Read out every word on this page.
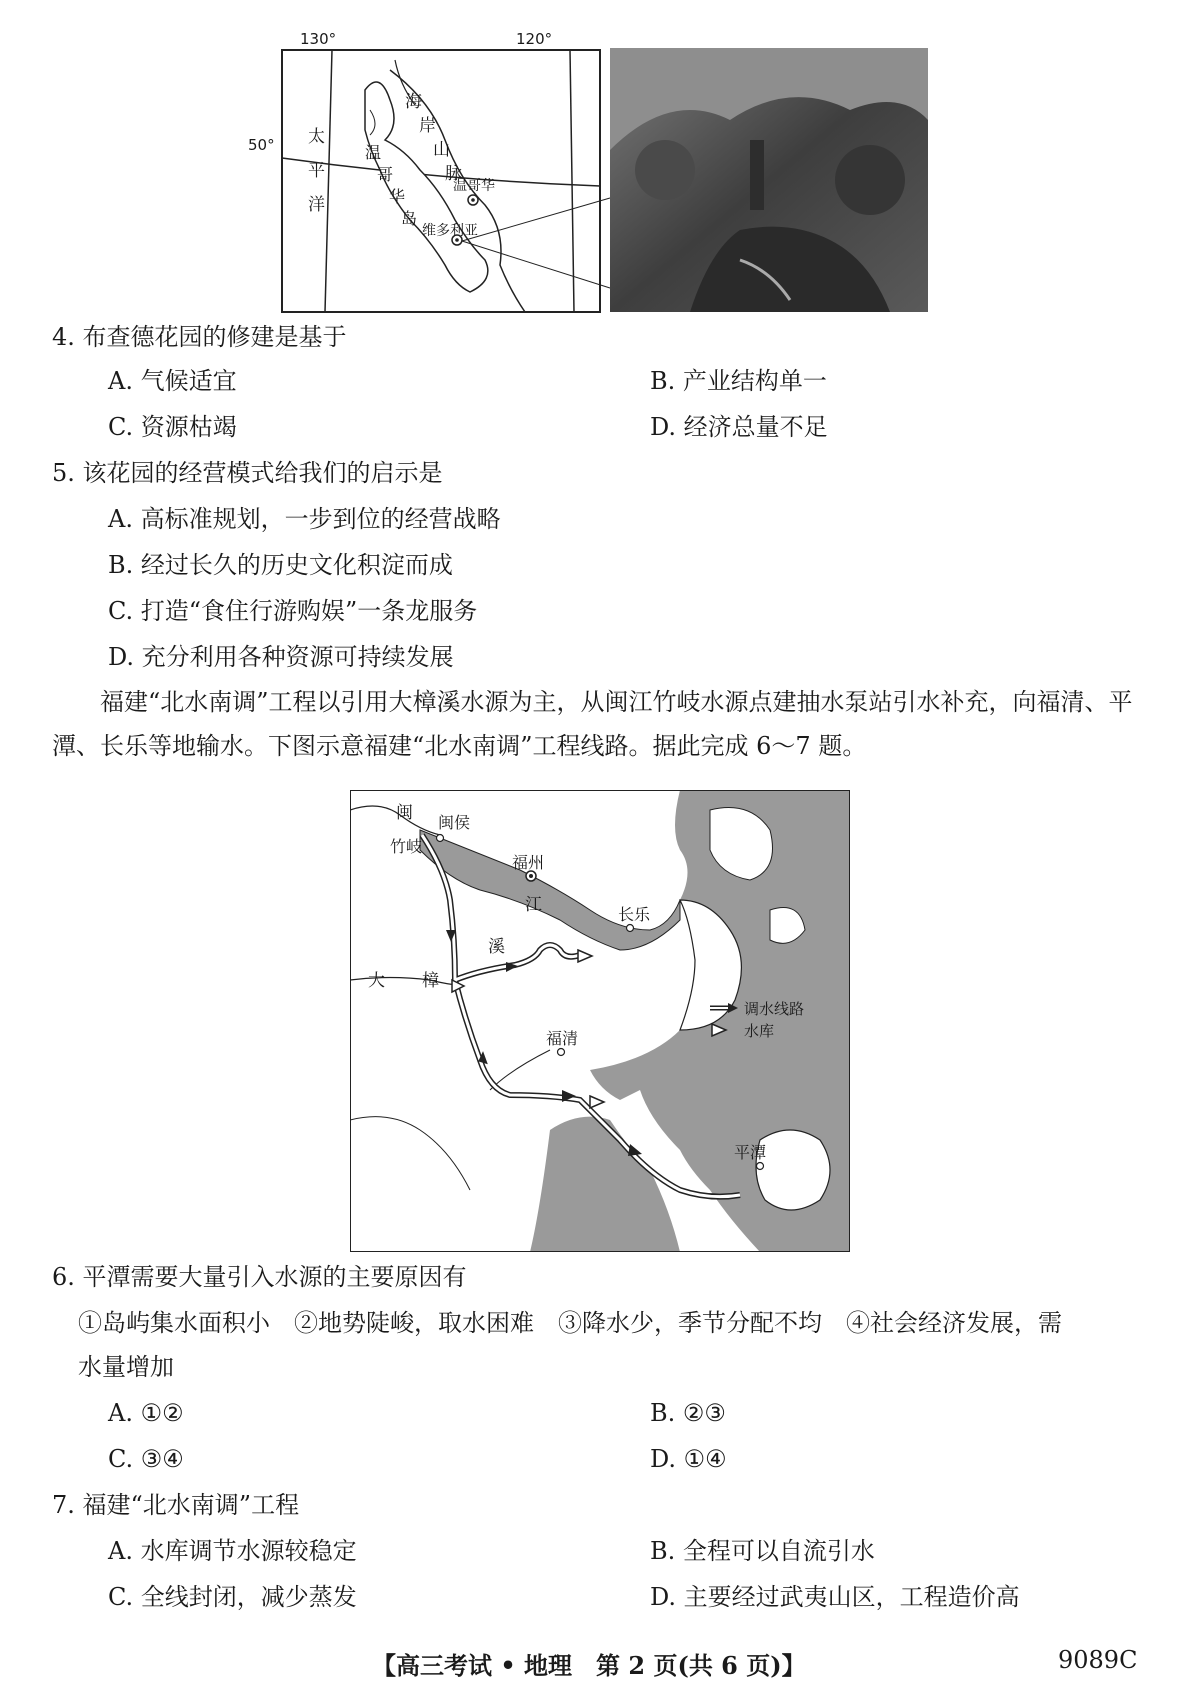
130°	120°
50° 太
平
洋
海
岸
山
脉
温
哥
华
岛
温哥华
维多利亚
4. 布查德花园的修建是基于
A. 气候适宜	B. 产业结构单一
C. 资源枯竭	D. 经济总量不足
5. 该花园的经营模式给我们的启示是
A. 高标准规划，一步到位的经营战略
B. 经过长久的历史文化积淀而成
C. 打造“食住行游购娱”一条龙服务
D. 充分利用各种资源可持续发展

福建“北水南调”工程以引用大樟溪水源为主，从闽江竹岐水源点建抽水泵站引水补充，向福清、平潭、长乐等地输水。下图示意福建“北水南调”工程线路。据此完成 6～7 题。

闽 闽侯
竹岐
福州
江	长乐
溪
大 樟
福清
平潭
调水线路
水库
6. 平潭需要大量引入水源的主要原因有
①岛屿集水面积小　②地势陡峻，取水困难　③降水少，季节分配不均　④社会经济发展，需
水量增加
A. ①②	B. ②③
C. ③④	D. ①④
7. 福建“北水南调”工程
A. 水库调节水源较稳定	B. 全程可以自流引水
C. 全线封闭，减少蒸发	D. 主要经过武夷山区，工程造价高
【高三考试 • 地理　第 2 页(共 6 页)】	9089C
